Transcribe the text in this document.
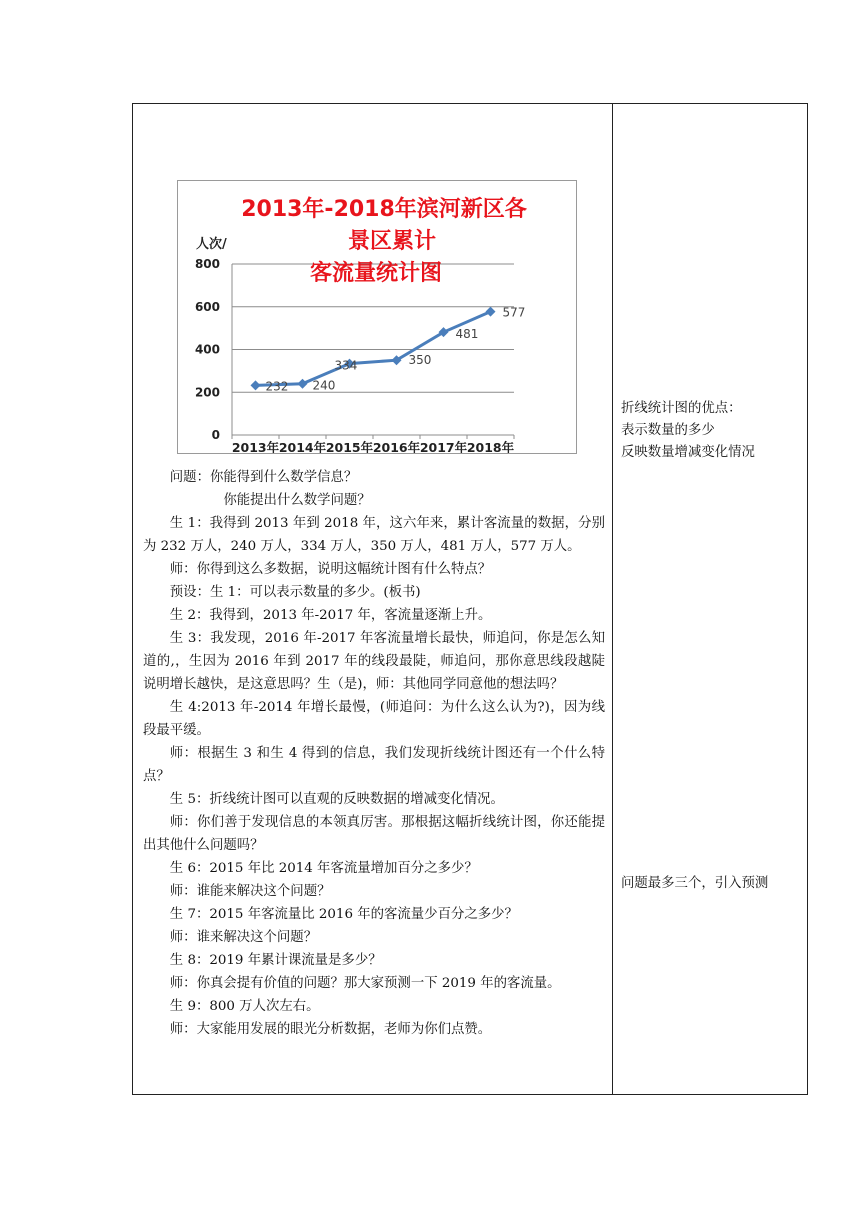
0
200
400
600
800
2013年 2014年 2015年 2016年 2017年 2018年
人次/
2013年-2018年滨河新区各
景区累计
客流量统计图
232 240
334	350
481
577

问题：你能得到什么数学信息？

你能提出什么数学问题？

生 1：我得到 2013 年到 2018 年，这六年来，累计客流量的数据，分别为 232 万人，240 万人，334 万人，350 万人，481 万人，577 万人。

师：你得到这么多数据，说明这幅统计图有什么特点？

预设：生 1：可以表示数量的多少。(板书)

生 2：我得到，2013 年-2017 年，客流量逐渐上升。

生 3：我发现，2016 年-2017 年客流量增长最快，师追问，你是怎么知道的,，生因为 2016 年到 2017 年的线段最陡，师追问，那你意思线段越陡说明增长越快，是这意思吗？生（是)，师：其他同学同意他的想法吗？

生 4:2013 年-2014 年增长最慢，(师追问：为什么这么认为?)，因为线段最平缓。

师：根据生 3 和生 4 得到的信息，我们发现折线统计图还有一个什么特点？

生 5：折线统计图可以直观的反映数据的增减变化情况。

师：你们善于发现信息的本领真厉害。那根据这幅折线统计图，你还能提出其他什么问题吗？

生 6：2015 年比 2014 年客流量增加百分之多少？

师：谁能来解决这个问题？

生 7：2015 年客流量比 2016 年的客流量少百分之多少？

师：谁来解决这个问题？

生 8：2019 年累计课流量是多少？

师：你真会提有价值的问题？那大家预测一下 2019 年的客流量。

生 9：800 万人次左右。

师：大家能用发展的眼光分析数据，老师为你们点赞。

折线统计图的优点：
表示数量的多少
反映数量增减变化情况
问题最多三个，引入预测
